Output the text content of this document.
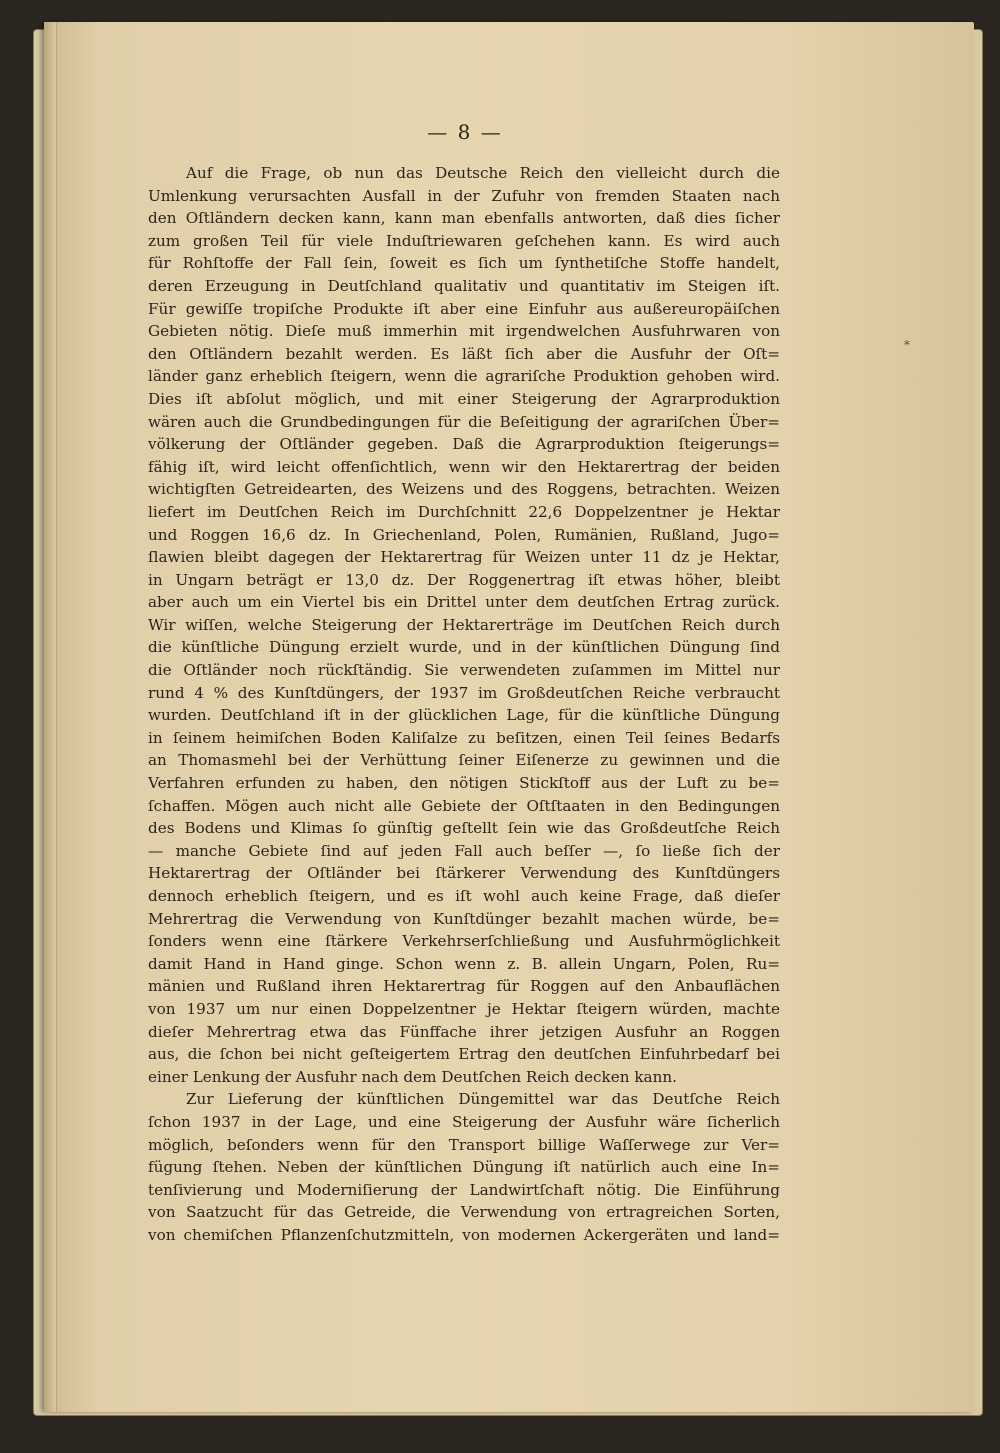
— 8 —
*
Auf die Frage, ob nun das Deutsche Reich den vielleicht durch die
Umlenkung verursachten Ausfall in der Zufuhr von fremden Staaten nach
den Oſtländern decken kann, kann man ebenfalls antworten, daß dies ſicher
zum großen Teil für viele Induſtriewaren geſchehen kann. Es wird auch
für Rohſtoffe der Fall ſein, ſoweit es ſich um ſynthetiſche Stoffe handelt,
deren Erzeugung in Deutſchland qualitativ und quantitativ im Steigen iſt.
Für gewiſſe tropiſche Produkte iſt aber eine Einfuhr aus außereuropäiſchen
Gebieten nötig. Dieſe muß immerhin mit irgendwelchen Ausfuhrwaren von
den Oſtländern bezahlt werden. Es läßt ſich aber die Ausfuhr der Oſt=
länder ganz erheblich ſteigern, wenn die agrariſche Produktion gehoben wird.
Dies iſt abſolut möglich, und mit einer Steigerung der Agrarproduktion
wären auch die Grundbedingungen für die Beſeitigung der agrariſchen Über=
völkerung der Oſtländer gegeben. Daß die Agrarproduktion ſteigerungs=
fähig iſt, wird leicht offenſichtlich, wenn wir den Hektarertrag der beiden
wichtigſten Getreidearten, des Weizens und des Roggens, betrachten. Weizen
liefert im Deutſchen Reich im Durchſchnitt 22,6 Doppelzentner je Hektar
und Roggen 16,6 dz. In Griechenland, Polen, Rumänien, Rußland, Jugo=
ſlawien bleibt dagegen der Hektarertrag für Weizen unter 11 dz je Hektar,
in Ungarn beträgt er 13,0 dz. Der Roggenertrag iſt etwas höher, bleibt
aber auch um ein Viertel bis ein Drittel unter dem deutſchen Ertrag zurück.
Wir wiſſen, welche Steigerung der Hektarerträge im Deutſchen Reich durch
die künſtliche Düngung erzielt wurde, und in der künſtlichen Düngung ſind
die Oſtländer noch rückſtändig. Sie verwendeten zuſammen im Mittel nur
rund 4 % des Kunſtdüngers, der 1937 im Großdeutſchen Reiche verbraucht
wurden. Deutſchland iſt in der glücklichen Lage, für die künſtliche Düngung
in ſeinem heimiſchen Boden Kaliſalze zu beſitzen, einen Teil ſeines Bedarfs
an Thomasmehl bei der Verhüttung ſeiner Eiſenerze zu gewinnen und die
Verfahren erfunden zu haben, den nötigen Stickſtoff aus der Luft zu be=
ſchaffen. Mögen auch nicht alle Gebiete der Oſtſtaaten in den Bedingungen
des Bodens und Klimas ſo günſtig geſtellt ſein wie das Großdeutſche Reich
— manche Gebiete ſind auf jeden Fall auch beſſer —, ſo ließe ſich der
Hektarertrag der Oſtländer bei ſtärkerer Verwendung des Kunſtdüngers
dennoch erheblich ſteigern, und es iſt wohl auch keine Frage, daß dieſer
Mehrertrag die Verwendung von Kunſtdünger bezahlt machen würde, be=
ſonders wenn eine ſtärkere Verkehrserſchließung und Ausfuhrmöglichkeit
damit Hand in Hand ginge. Schon wenn z. B. allein Ungarn, Polen, Ru=
mänien und Rußland ihren Hektarertrag für Roggen auf den Anbauflächen
von 1937 um nur einen Doppelzentner je Hektar ſteigern würden, machte
dieſer Mehrertrag etwa das Fünffache ihrer jetzigen Ausfuhr an Roggen
aus, die ſchon bei nicht geſteigertem Ertrag den deutſchen Einfuhrbedarf bei
einer Lenkung der Ausfuhr nach dem Deutſchen Reich decken kann.
Zur Lieferung der künſtlichen Düngemittel war das Deutſche Reich
ſchon 1937 in der Lage, und eine Steigerung der Ausfuhr wäre ſicherlich
möglich, beſonders wenn für den Transport billige Waſſerwege zur Ver=
fügung ſtehen. Neben der künſtlichen Düngung iſt natürlich auch eine In=
tenſivierung und Moderniſierung der Landwirtſchaft nötig. Die Einführung
von Saatzucht für das Getreide, die Verwendung von ertragreichen Sorten,
von chemiſchen Pflanzenſchutzmitteln, von modernen Ackergeräten und land=
